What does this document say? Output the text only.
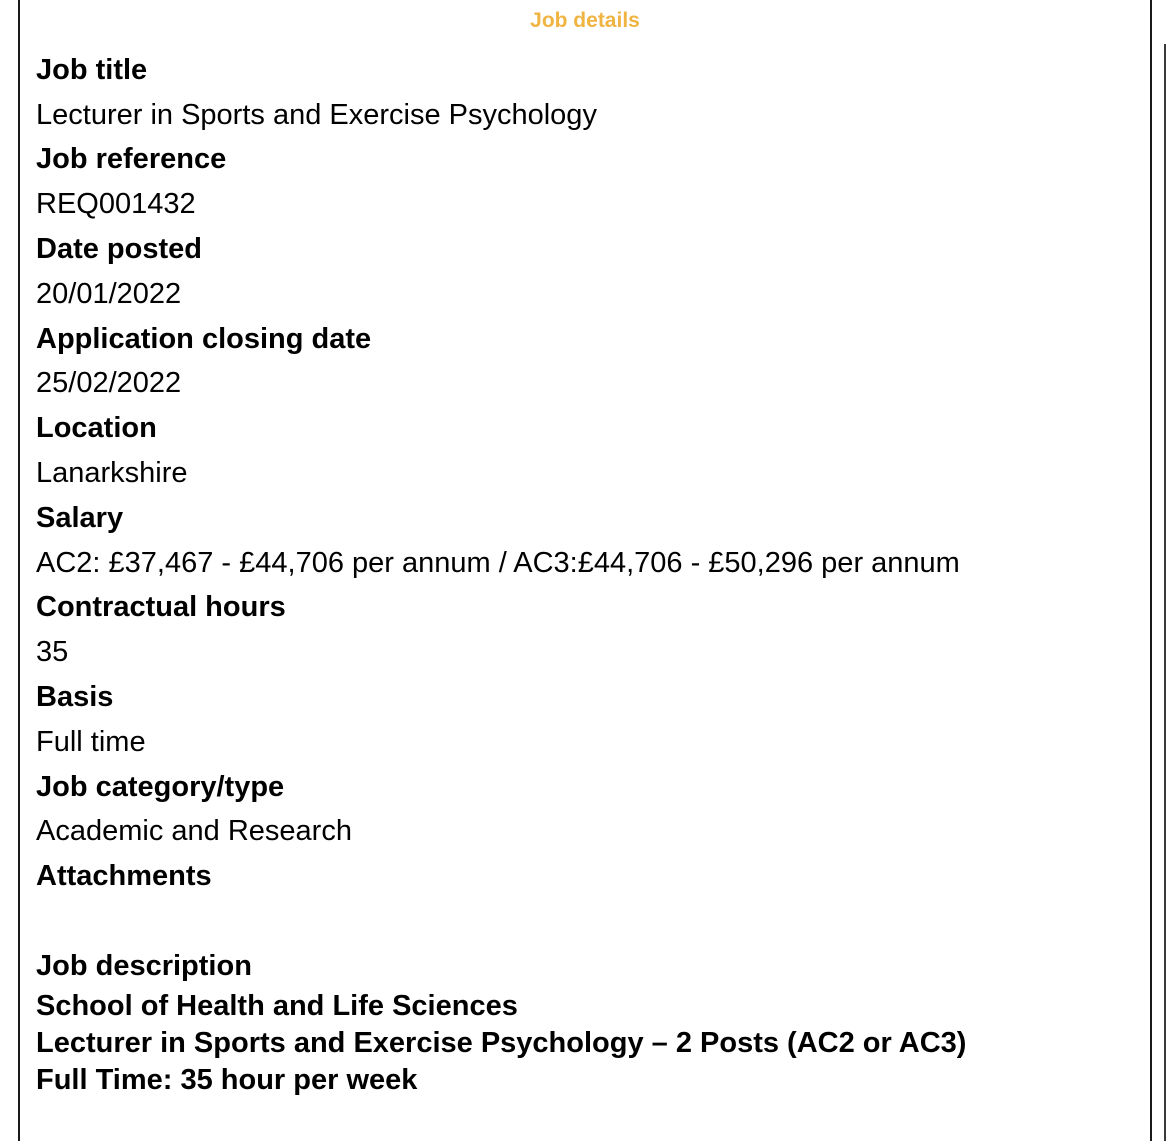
Job details
Job title
Lecturer in Sports and Exercise Psychology
Job reference
REQ001432
Date posted
20/01/2022
Application closing date
25/02/2022
Location
Lanarkshire
Salary
AC2: £37,467 - £44,706 per annum / AC3:£44,706 - £50,296 per annum
Contractual hours
35
Basis
Full time
Job category/type
Academic and Research
Attachments
Job description
School of Health and Life Sciences
Lecturer in Sports and Exercise Psychology – 2 Posts (AC2 or AC3)
Full Time: 35 hour per week
